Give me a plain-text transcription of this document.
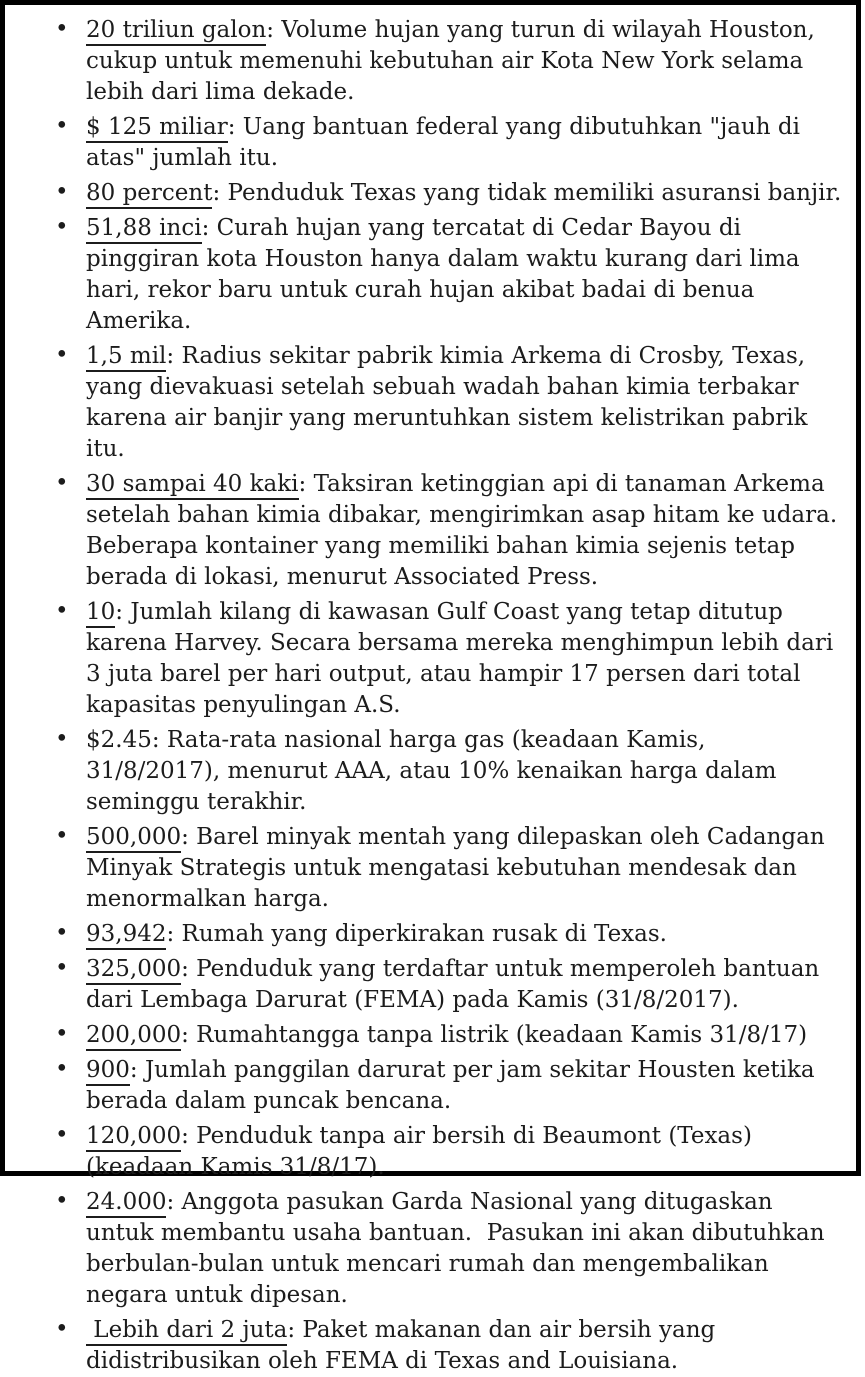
• 20 triliun galon: Volume hujan yang turun di wilayah Houston, cukup untuk memenuhi kebutuhan air Kota New York selama lebih dari lima dekade.
• $ 125 miliar: Uang bantuan federal yang dibutuhkan "jauh di atas" jumlah itu.
• 80 percent: Penduduk Texas yang tidak memiliki asuransi banjir.
• 51,88 inci: Curah hujan yang tercatat di Cedar Bayou di pinggiran kota Houston hanya dalam waktu kurang dari lima hari, rekor baru untuk curah hujan akibat badai di benua Amerika.
• 1,5 mil: Radius sekitar pabrik kimia Arkema di Crosby, Texas, yang dievakuasi setelah sebuah wadah bahan kimia terbakar karena air banjir yang meruntuhkan sistem kelistrikan pabrik itu.
• 30 sampai 40 kaki: Taksiran ketinggian api di tanaman Arkema setelah bahan kimia dibakar, mengirimkan asap hitam ke udara. Beberapa kontainer yang memiliki bahan kimia sejenis tetap berada di lokasi, menurut Associated Press.
• 10: Jumlah kilang di kawasan Gulf Coast yang tetap ditutup karena Harvey. Secara bersama mereka menghimpun lebih dari 3 juta barel per hari output, atau hampir 17 persen dari total kapasitas penyulingan A.S.
• $2.45: Rata-rata nasional harga gas (keadaan Kamis, 31/8/2017), menurut AAA, atau 10% kenaikan harga dalam seminggu terakhir.
• 500,000: Barel minyak mentah yang dilepaskan oleh Cadangan Minyak Strategis untuk mengatasi kebutuhan mendesak dan menormalkan harga.
• 93,942: Rumah yang diperkirakan rusak di Texas.
• 325,000: Penduduk yang terdaftar untuk memperoleh bantuan dari Lembaga Darurat (FEMA) pada Kamis (31/8/2017).
• 200,000: Rumahtangga tanpa listrik (keadaan Kamis 31/8/17)
• 900: Jumlah panggilan darurat per jam sekitar Housten ketika berada dalam puncak bencana.
• 120,000: Penduduk tanpa air bersih di Beaumont (Texas) (keadaan Kamis 31/8/17).
• 24.000: Anggota pasukan Garda Nasional yang ditugaskan untuk membantu usaha bantuan.  Pasukan ini akan dibutuhkan berbulan-bulan untuk mencari rumah dan mengembalikan negara untuk dipesan.
•  Lebih dari 2 juta: Paket makanan dan air bersih yang didistribusikan oleh FEMA di Texas and Louisiana.
